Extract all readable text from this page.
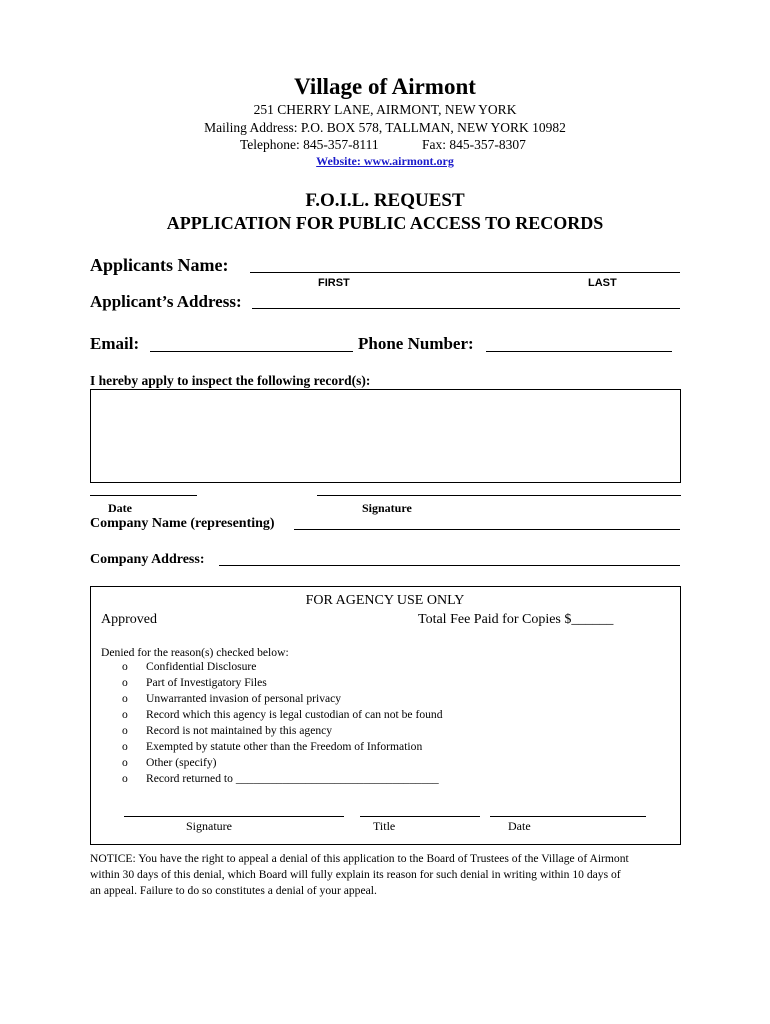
Village of Airmont
251 CHERRY LANE, AIRMONT, NEW YORK
Mailing Address: P.O. BOX 578, TALLMAN, NEW YORK 10982
Telephone: 845-357-8111	Fax: 845-357-8307
Website: www.airmont.org
F.O.I.L. REQUEST
APPLICATION FOR PUBLIC ACCESS TO RECORDS
Applicants Name:
FIRST	LAST
Applicant’s Address:
Email:	Phone Number:
I hereby apply to inspect the following record(s):
Date	Signature
Company Name (representing)
Company Address:
FOR AGENCY USE ONLY
Approved	Total Fee Paid for Copies $______
Denied for the reason(s) checked below:
o Confidential Disclosure
o Part of Investigatory Files
o Unwarranted invasion of personal privacy
o Record which this agency is legal custodian of can not be found
o Record is not maintained by this agency
o Exempted by statute other than the Freedom of Information
o Other (specify)
o Record returned to ___________________________________
Signature	Title	Date
NOTICE: You have the right to appeal a denial of this application to the Board of Trustees of the Village of Airmont
within 30 days of this denial, which Board will fully explain its reason for such denial in writing within 10 days of
an appeal. Failure to do so constitutes a denial of your appeal.
